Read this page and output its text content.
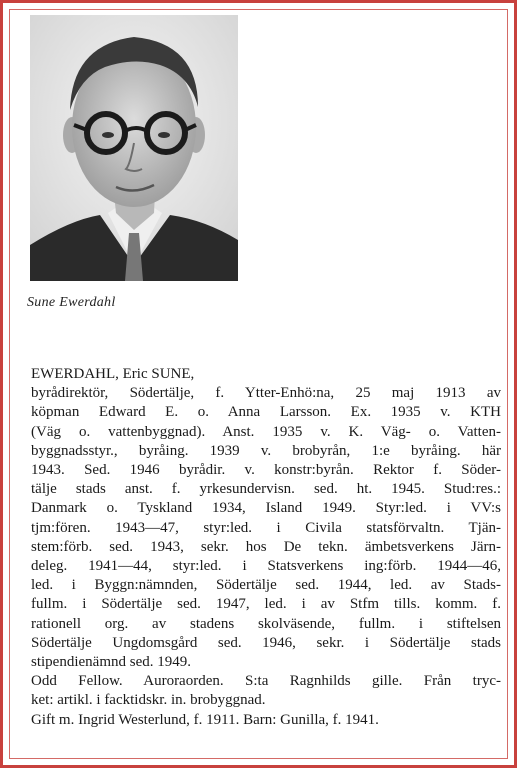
Sune Ewerdahl
EWERDAHL, Eric SUNE,
byrådirektör, Södertälje, f. Ytter-Enhö:na, 25 maj 1913 av
köpman Edward E. o. Anna Larsson. Ex. 1935 v. KTH
(Väg o. vattenbyggnad). Anst. 1935 v. K. Väg- o. Vatten-
byggnadsstyr., byråing. 1939 v. brobyrån, 1:e byråing. här
1943. Sed. 1946 byrådir. v. konstr:byrån. Rektor f. Söder-
tälje stads anst. f. yrkesundervisn. sed. ht. 1945. Stud:res.:
Danmark o. Tyskland 1934, Island 1949. Styr:led. i VV:s
tjm:fören. 1943—47, styr:led. i Civila statsförvaltn. Tjän-
stem:förb. sed. 1943, sekr. hos De tekn. ämbetsverkens Järn-
deleg. 1941—44, styr:led. i Statsverkens ing:förb. 1944—46,
led. i Byggn:nämnden, Södertälje sed. 1944, led. av Stads-
fullm. i Södertälje sed. 1947, led. i av Stfm tills. komm. f.
rationell org. av stadens skolväsende, fullm. i stiftelsen
Södertälje Ungdomsgård sed. 1946, sekr. i Södertälje stads
stipendienämnd sed. 1949.
Odd Fellow. Auroraorden. S:ta Ragnhilds gille. Från tryc-
ket: artikl. i facktidskr. in. brobyggnad.
Gift m. Ingrid Westerlund, f. 1911. Barn: Gunilla, f. 1941.
